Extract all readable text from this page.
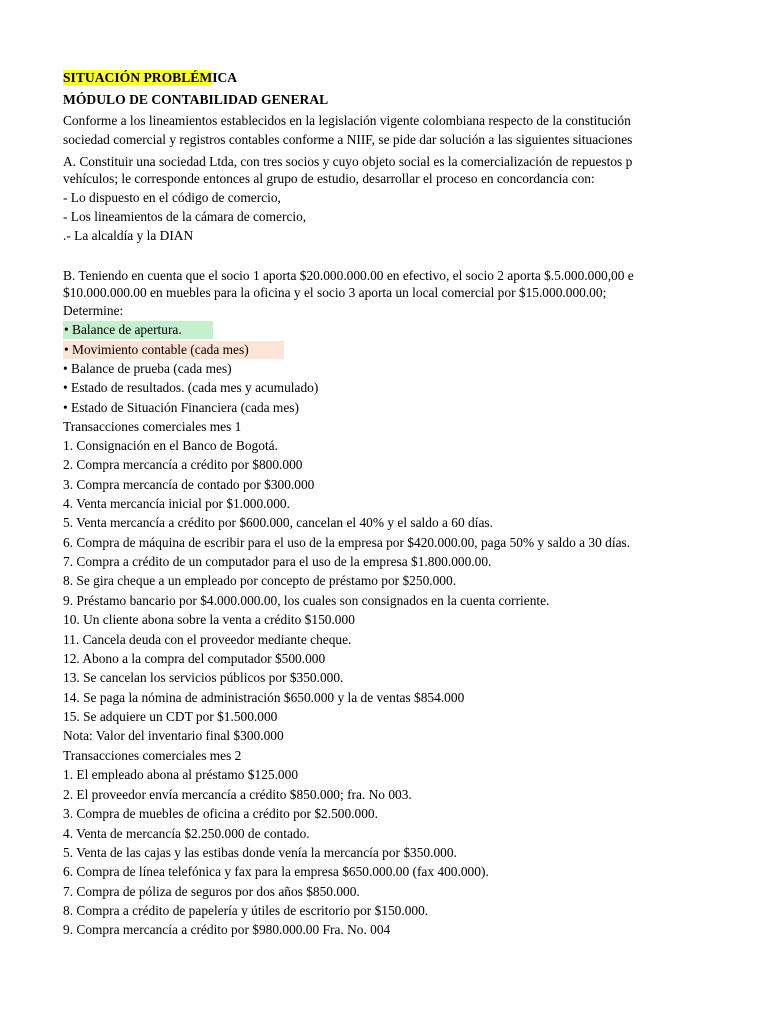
SITUACIÓN PROBLÉMICA
MÓDULO DE CONTABILIDAD GENERAL
Conforme a los lineamientos establecidos en la legislación vigente colombiana respecto de la constitución
sociedad comercial y registros contables conforme a NIIF, se pide dar solución a las siguientes situaciones
A. Constituir una sociedad Ltda, con tres socios y cuyo objeto social es la comercialización de repuestos p
vehículos; le corresponde entonces al grupo de estudio, desarrollar el proceso en concordancia con:
- Lo dispuesto en el código de comercio,
- Los lineamientos de la cámara de comercio,
.- La alcaldía y la DIAN
B. Teniendo en cuenta que el socio 1 aporta $20.000.000.00 en efectivo, el socio 2 aporta $.5.000.000,00 e
$10.000.000.00 en muebles para la oficina y el socio 3 aporta un local comercial por $15.000.000.00;
Determine:
• Balance de apertura.
• Movimiento contable (cada mes)
• Balance de prueba (cada mes)
• Estado de resultados. (cada mes y acumulado)
• Estado de Situación Financiera (cada mes)
Transacciones comerciales mes 1
1. Consignación en el Banco de Bogotá.
2. Compra mercancía a crédito por $800.000
3. Compra mercancía de contado por $300.000
4. Venta mercancía inicial por $1.000.000.
5. Venta mercancía a crédito por $600.000, cancelan el 40% y el saldo a 60 días.
6. Compra de máquina de escribir para el uso de la empresa por $420.000.00, paga 50% y saldo a 30 días.
7. Compra a crédito de un computador para el uso de la empresa $1.800.000.00.
8. Se gira cheque a un empleado por concepto de préstamo por $250.000.
9. Préstamo bancario por $4.000.000.00, los cuales son consignados en la cuenta corriente.
10. Un cliente abona sobre la venta a crédito $150.000
11. Cancela deuda con el proveedor mediante cheque.
12. Abono a la compra del computador $500.000
13. Se cancelan los servicios públicos por $350.000.
14. Se paga la nómina de administración $650.000 y la de ventas $854.000
15. Se adquiere un CDT por $1.500.000
Nota: Valor del inventario final $300.000
Transacciones comerciales mes 2
1. El empleado abona al préstamo $125.000
2. El proveedor envía mercancía a crédito $850.000; fra. No 003.
3. Compra de muebles de oficina a crédito por $2.500.000.
4. Venta de mercancía $2.250.000 de contado.
5. Venta de las cajas y las estibas donde venía la mercancía por $350.000.
6. Compra de línea telefónica y fax para la empresa $650.000.00 (fax 400.000).
7. Compra de póliza de seguros por dos años $850.000.
8. Compra a crédito de papelería y útiles de escritorio por $150.000.
9. Compra mercancía a crédito por $980.000.00 Fra. No. 004
